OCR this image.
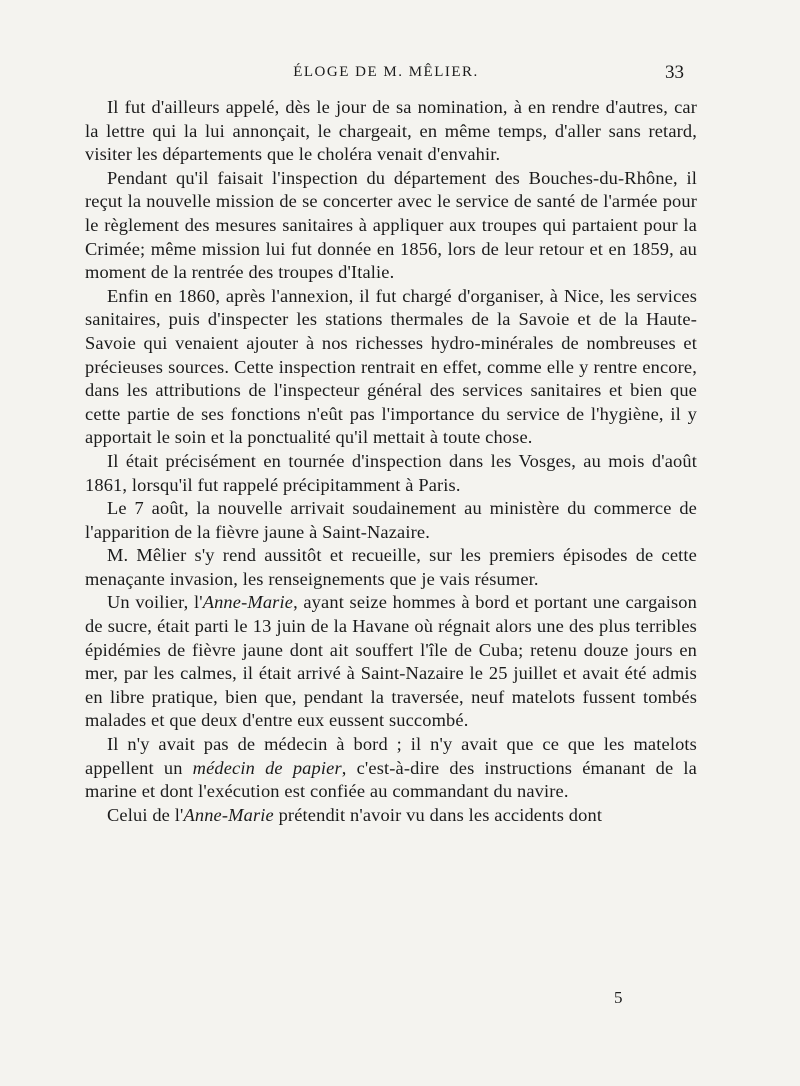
ÉLOGE DE M. MÊLIER.	33

Il fut d'ailleurs appelé, dès le jour de sa nomination, à en rendre d'autres, car la lettre qui la lui annonçait, le chargeait, en même temps, d'aller sans retard, visiter les départements que le choléra venait d'envahir.

Pendant qu'il faisait l'inspection du département des Bouches-du-Rhône, il reçut la nouvelle mission de se concerter avec le service de santé de l'armée pour le règlement des mesures sanitaires à appliquer aux troupes qui partaient pour la Crimée; même mission lui fut donnée en 1856, lors de leur retour et en 1859, au moment de la rentrée des troupes d'Italie.

Enfin en 1860, après l'annexion, il fut chargé d'organiser, à Nice, les services sanitaires, puis d'inspecter les stations thermales de la Savoie et de la Haute-Savoie qui venaient ajouter à nos richesses hydro-minérales de nombreuses et précieuses sources. Cette inspection rentrait en effet, comme elle y rentre encore, dans les attributions de l'inspecteur général des services sanitaires et bien que cette partie de ses fonctions n'eût pas l'importance du service de l'hygiène, il y apportait le soin et la ponctualité qu'il mettait à toute chose.

Il était précisément en tournée d'inspection dans les Vosges, au mois d'août 1861, lorsqu'il fut rappelé précipitamment à Paris.

Le 7 août, la nouvelle arrivait soudainement au ministère du commerce de l'apparition de la fièvre jaune à Saint-Nazaire.

M. Mêlier s'y rend aussitôt et recueille, sur les premiers épisodes de cette menaçante invasion, les renseignements que je vais résumer.

Un voilier, l'Anne-Marie, ayant seize hommes à bord et portant une cargaison de sucre, était parti le 13 juin de la Havane où régnait alors une des plus terribles épidémies de fièvre jaune dont ait souffert l'île de Cuba; retenu douze jours en mer, par les calmes, il était arrivé à Saint-Nazaire le 25 juillet et avait été admis en libre pratique, bien que, pendant la traversée, neuf matelots fussent tombés malades et que deux d'entre eux eussent succombé.

Il n'y avait pas de médecin à bord ; il n'y avait que ce que les matelots appellent un médecin de papier, c'est-à-dire des instructions émanant de la marine et dont l'exécution est confiée au commandant du navire.

Celui de l'Anne-Marie prétendit n'avoir vu dans les accidents dont

5
